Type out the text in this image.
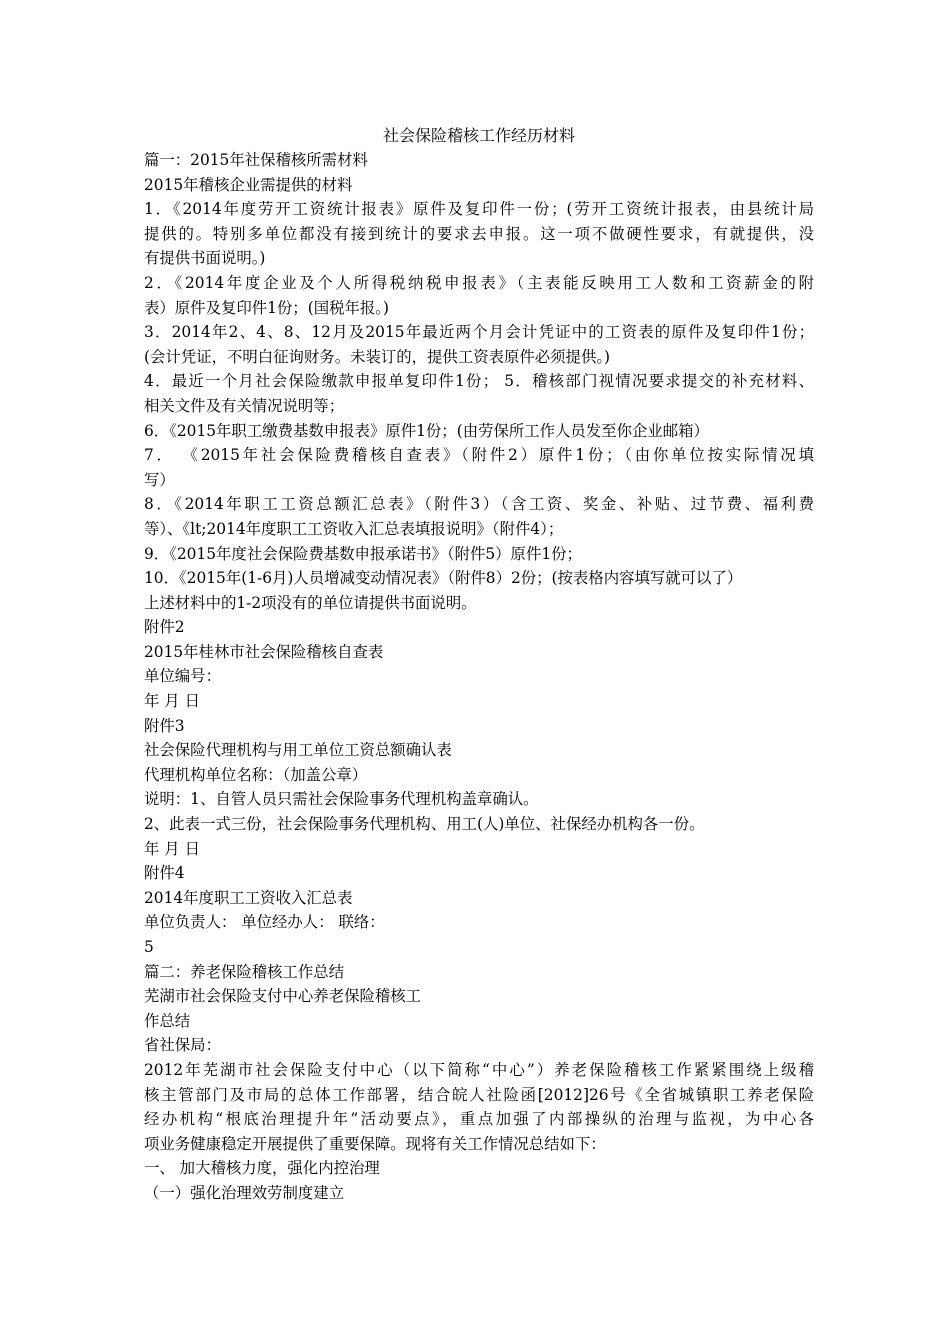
社会保险稽核工作经历材料
篇一：2015年社保稽核所需材料
2015年稽核企业需提供的材料
1．《2014年度劳开工资统计报表》原件及复印件一份；(劳开工资统计报表，由县统计局
提供的。特别多单位都没有接到统计的要求去申报。这一项不做硬性要求，有就提供，没
有提供书面说明。)
2．《2014年度企业及个人所得税纳税申报表》（主表能反映用工人数和工资薪金的附
表）原件及复印件1份；(国税年报。)
3．2014年2、4、8、12月及2015年最近两个月会计凭证中的工资表的原件及复印件1份；
(会计凭证，不明白征询财务。未装订的，提供工资表原件必须提供。)
4．最近一个月社会保险缴款申报单复印件1份； 5．稽核部门视情况要求提交的补充材料、
相关文件及有关情况说明等；
6．《2015年职工缴费基数申报表》原件1份；(由劳保所工作人员发至你企业邮箱）
7． 《2015年社会保险费稽核自查表》（附件2）原件1份；（由你单位按实际情况填
写）
8．《2014年职工工资总额汇总表》（附件3）（含工资、奖金、补贴、过节费、福利费
等）、《lt;2014年度职工工资收入汇总表填报说明》（附件4）；
9．《2015年度社会保险费基数申报承诺书》（附件5）原件1份；
10．《2015年(1-6月)人员增减变动情况表》（附件8）2份；(按表格内容填写就可以了）
上述材料中的1-2项没有的单位请提供书面说明。
附件2
2015年桂林市社会保险稽核自查表
单位编号：
年 月 日
附件3
社会保险代理机构与用工单位工资总额确认表
代理机构单位名称：（加盖公章）
说明：1、自管人员只需社会保险事务代理机构盖章确认。
2、此表一式三份，社会保险事务代理机构、用工(人)单位、社保经办机构各一份。
年 月 日
附件4
2014年度职工工资收入汇总表
单位负责人： 单位经办人： 联络：
5
篇二：养老保险稽核工作总结
芜湖市社会保险支付中心养老保险稽核工
作总结
省社保局：
2012年芜湖市社会保险支付中心（以下简称“中心”）养老保险稽核工作紧紧围绕上级稽
核主管部门及市局的总体工作部署，结合皖人社险函[2012]26号《全省城镇职工养老保险
经办机构“根底治理提升年”活动要点》，重点加强了内部操纵的治理与监视，为中心各
项业务健康稳定开展提供了重要保障。现将有关工作情况总结如下：
一、 加大稽核力度，强化内控治理
（一）强化治理效劳制度建立
